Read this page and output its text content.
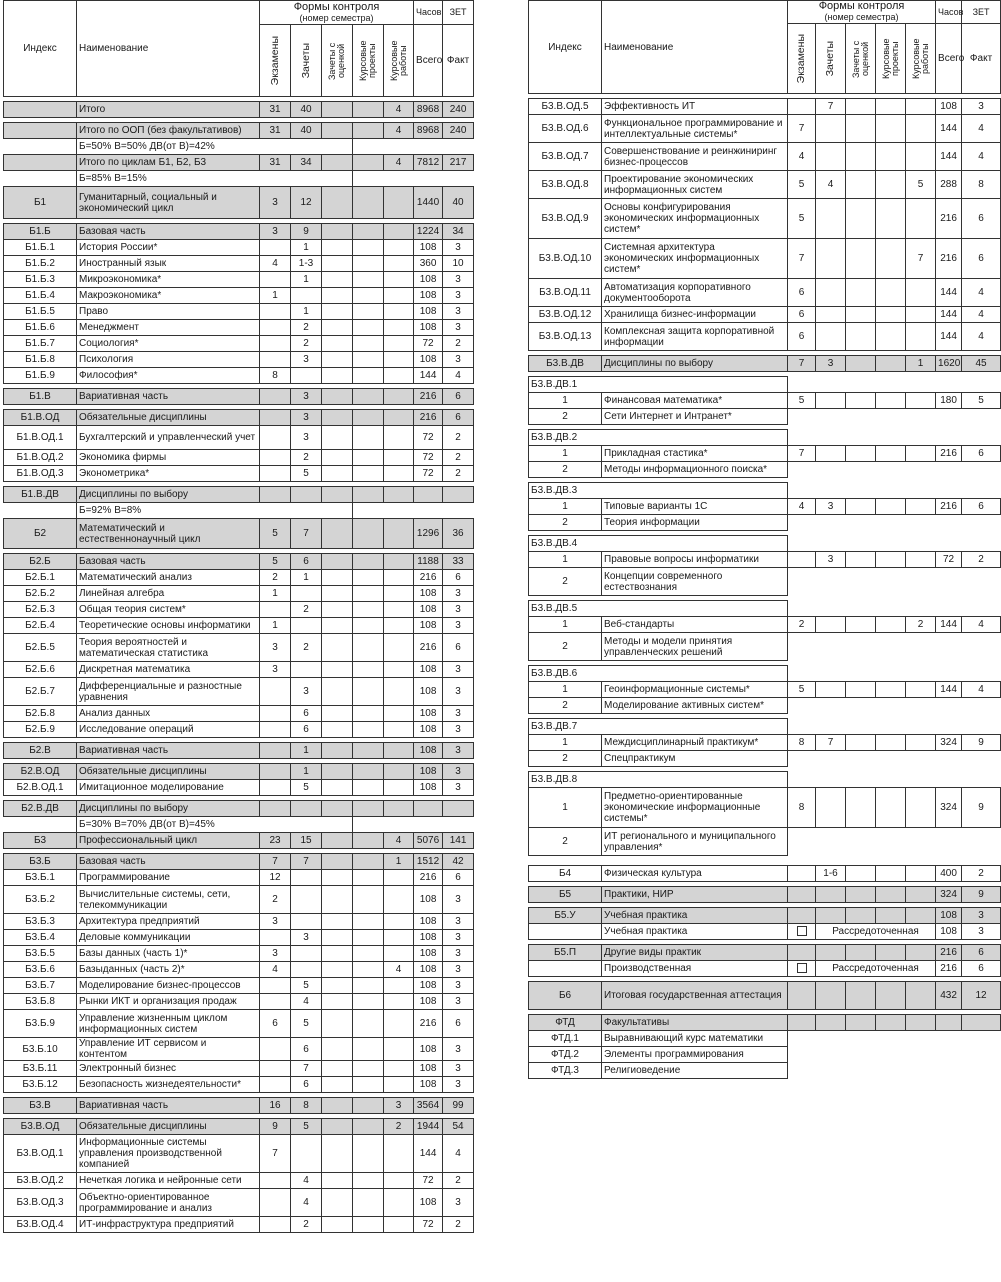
Индекс	Наименование	Формы контроля
(номер семестра)					Часов	ЗЕТ

		Экзамены	Зачеты	Зачеты с оценкой	Курсовые проекты	Курсовые работы	Всего	Факт

	Итого	31	40			4	8968	240

	Итого по ООП (без факультативов)	31	40			4	8968	240
	Б=50% В=50% ДВ(от В)=42%							
	Итого по циклам Б1, Б2, Б3	31	34			4	7812	217
	Б=85% В=15%							
Б1	Гуманитарный, социальный и экономический цикл	3	12				1440	40

Б1.Б	Базовая часть	3	9				1224	34
Б1.Б.1	История России*		1				108	3
Б1.Б.2	Иностранный язык	4	1-3				360	10
Б1.Б.3	Микроэкономика*		1				108	3
Б1.Б.4	Макроэкономика*	1					108	3
Б1.Б.5	Право		1				108	3
Б1.Б.6	Менеджмент		2				108	3
Б1.Б.7	Социология*		2				72	2
Б1.Б.8	Психология		3				108	3
Б1.Б.9	Философия*	8					144	4

Б1.В	Вариативная часть		3				216	6

Б1.В.ОД	Обязательные дисциплины		3				216	6
Б1.В.ОД.1	Бухгалтерский и управленческий учет		3				72	2
Б1.В.ОД.2	Экономика фирмы		2				72	2
Б1.В.ОД.3	Эконометрика*		5				72	2

Б1.В.ДВ	Дисциплины по выбору							
	Б=92% В=8%							
Б2	Математический и естественнонаучный цикл	5	7				1296	36

Б2.Б	Базовая часть	5	6				1188	33
Б2.Б.1	Математический анализ	2	1				216	6
Б2.Б.2	Линейная алгебра	1					108	3
Б2.Б.3	Общая теория систем*		2				108	3
Б2.Б.4	Теоретические основы информатики	1					108	3
Б2.Б.5	Теория вероятностей и математическая статистика	3	2				216	6
Б2.Б.6	Дискретная математика	3					108	3
Б2.Б.7	Дифференциальные и разностные уравнения		3				108	3
Б2.Б.8	Анализ данных		6				108	3
Б2.Б.9	Исследование операций		6				108	3

Б2.В	Вариативная часть		1				108	3

Б2.В.ОД	Обязательные дисциплины		1				108	3
Б2.В.ОД.1	Имитационное моделирование		5				108	3

Б2.В.ДВ	Дисциплины по выбору							
	Б=30% В=70% ДВ(от В)=45%							
Б3	Профессиональный цикл	23	15			4	5076	141

Б3.Б	Базовая часть	7	7			1	1512	42
Б3.Б.1	Программирование	12					216	6
Б3.Б.2	Вычислительные системы, сети, телекоммуникации	2					108	3
Б3.Б.3	Архитектура предприятий	3					108	3
Б3.Б.4	Деловые коммуникации		3				108	3
Б3.Б.5	Базы данных (часть 1)*	3					108	3
Б3.Б.6	Базыданных (часть 2)*	4				4	108	3
Б3.Б.7	Моделирование бизнес-процессов		5				108	3
Б3.Б.8	Рынки ИКТ и организация продаж		4				108	3
Б3.Б.9	Управление жизненным циклом информационных систем	6	5				216	6
Б3.Б.10	Управление ИТ сервисом и контентом		6				108	3
Б3.Б.11	Электронный бизнес		7				108	3
Б3.Б.12	Безопасность жизнедеятельности*		6				108	3

Б3.В	Вариативная часть	16	8			3	3564	99

Б3.В.ОД	Обязательные дисциплины	9	5			2	1944	54
Б3.В.ОД.1	Информационные системы управления производственной компанией	7					144	4
Б3.В.ОД.2	Нечеткая логика и нейронные сети		4				72	2
Б3.В.ОД.3	Объектно-ориентированное программирование и анализ		4				108	3
Б3.В.ОД.4	ИТ-инфраструктура предприятий		2				72	2
Индекс	Наименование	Формы контроля
(номер семестра)					Часов	ЗЕТ

		Экзамены	Зачеты	Зачеты с оценкой	Курсовые проекты	Курсовые работы	Всего	Факт

Б3.В.ОД.5	Эффективность ИТ		7				108	3
Б3.В.ОД.6	Функциональное программирование и интеллектуальные системы*	7					144	4
Б3.В.ОД.7	Совершенствование и реинжиниринг бизнес-процессов	4					144	4
Б3.В.ОД.8	Проектирование экономических информационных систем	5	4			5	288	8
Б3.В.ОД.9	Основы конфигурирования экономических информационных систем*	5					216	6
Б3.В.ОД.10	Системная архитектура экономических информационных систем*	7				7	216	6
Б3.В.ОД.11	Автоматизация корпоративного документооборота	6					144	4
Б3.В.ОД.12	Хранилища бизнес-информации	6					144	4
Б3.В.ОД.13	Комплексная защита корпоративной информации	6					144	4

Б3.В.ДВ	Дисциплины по выбору	7	3			1	1620	45

Б3.В.ДВ.1								
1	Финансовая математика*	5					180	5
2	Сети Интернет и Интранет*							

Б3.В.ДВ.2								
1	Прикладная стастика*	7					216	6
2	Методы информационного поиска*							

Б3.В.ДВ.3								
1	Типовые варианты 1С	4	3				216	6
2	Теория информации							

Б3.В.ДВ.4								
1	Правовые вопросы информатики		3				72	2
2	Концепции современного естествознания							

Б3.В.ДВ.5								
1	Веб-стандарты	2				2	144	4
2	Методы и модели принятия управленческих решений							

Б3.В.ДВ.6								
1	Геоинформационные системы*	5					144	4
2	Моделирование активных систем*							

Б3.В.ДВ.7								
1	Междисциплинарный практикум*	8	7				324	9
2	Спецпрактикум							

Б3.В.ДВ.8								
1	Предметно-ориентированные экономические информационные системы*	8					324	9
2	ИТ регионального и муниципального управления*							

Б4	Физическая культура		1-6				400	2

Б5	Практики, НИР						324	9

Б5.У	Учебная практика						108	3
	Учебная практика		Рассредоточенная				108	3

Б5.П	Другие виды практик						216	6
	Производственная		Рассредоточенная				216	6

Б6	Итоговая государственная аттестация						432	12

ФТД	Факультативы							
ФТД.1	Выравнивающий курс математики							
ФТД.2	Элементы программирования							
ФТД.3	Религиоведение							
